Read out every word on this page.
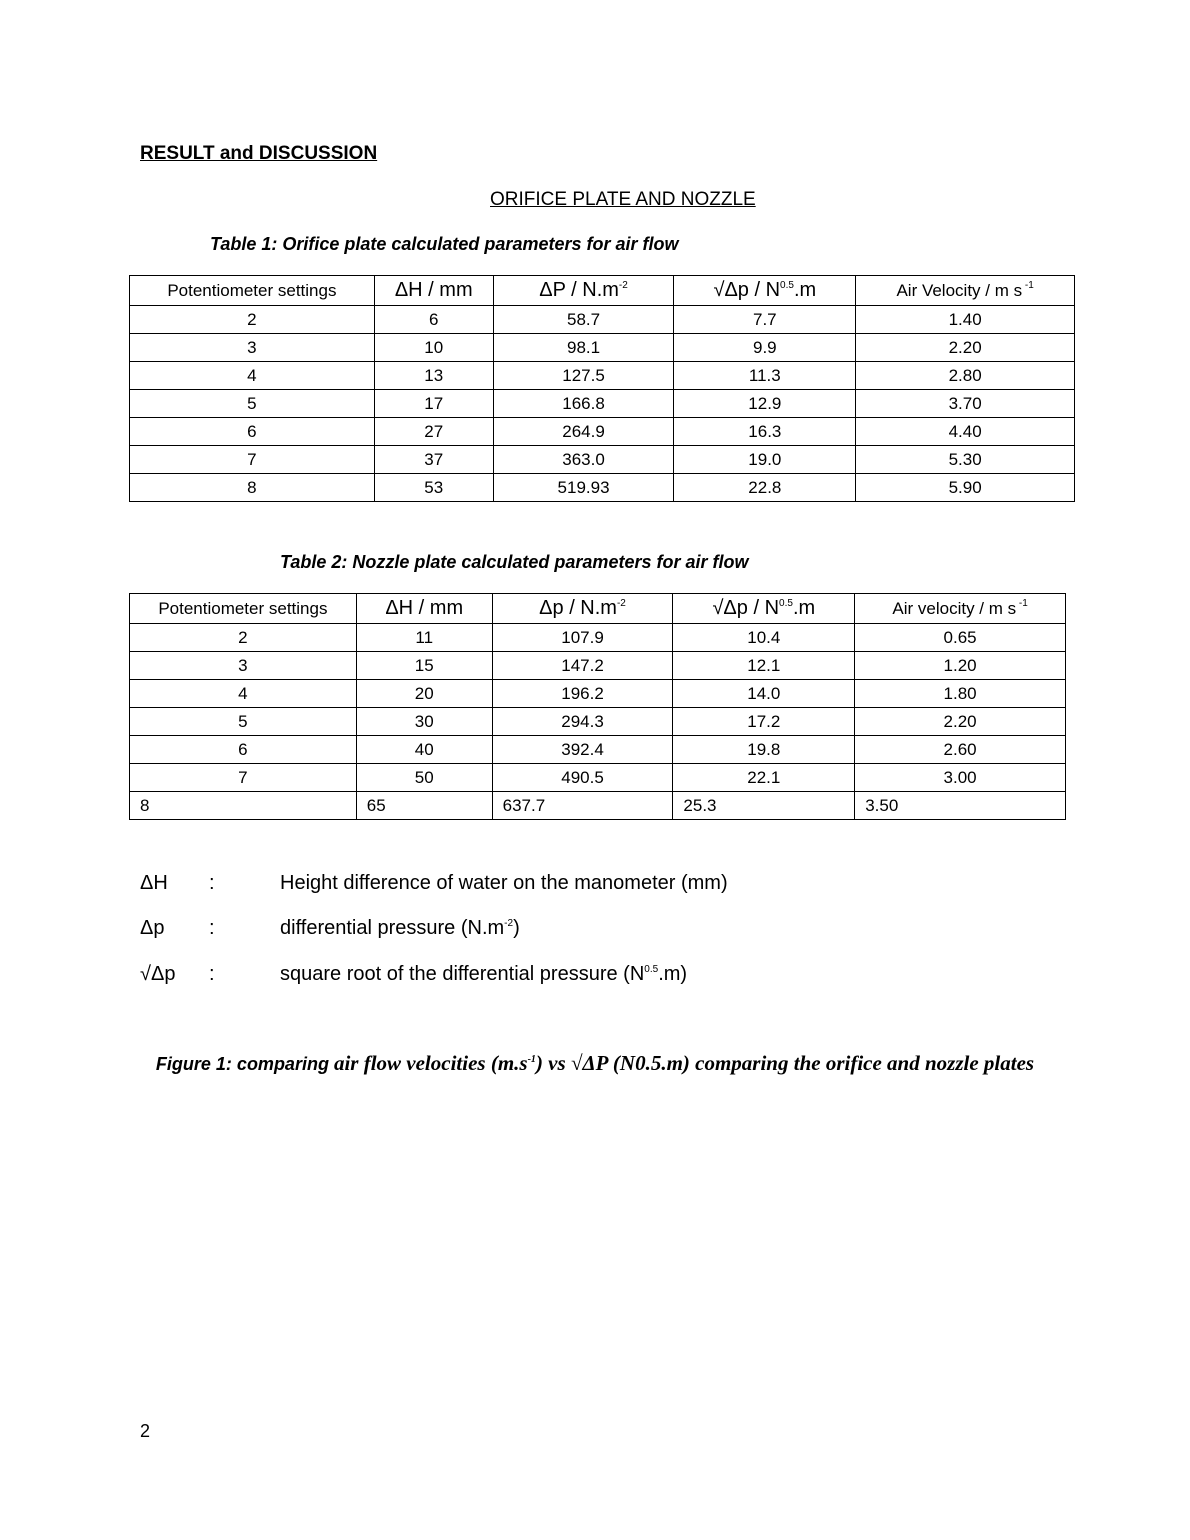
RESULT and DISCUSSION
ORIFICE PLATE AND NOZZLE
Table 1: Orifice plate calculated parameters for air flow
Potentiometer settings	ΔH / mm	ΔP / $N.m^{-2}$	$√\Delta p / N^{0.5}.m$	Air Velocity / m s $^{-1}$
2	6	58.7	7.7	1.40
3	10	98.1	9.9	2.20
4	13	127.5	11.3	2.80
5	17	166.8	12.9	3.70
6	27	264.9	16.3	4.40
7	37	363.0	19.0	5.30
8	53	519.93	22.8	5.90
Table 2: Nozzle plate calculated parameters for air flow
Potentiometer settings	ΔH / mm	Δp / $N.m^{-2}$	$√\Delta p / N^{0.5}.m$	Air velocity / m s $^{-1}$
2	11	107.9	10.4	0.65
3	15	147.2	12.1	1.20
4	20	196.2	14.0	1.80
5	30	294.3	17.2	2.20
6	40	392.4	19.8	2.60
7	50	490.5	22.1	3.00
8	65	637.7	25.3	3.50
ΔH :	Height difference of water on the manometer (mm)
Δp :	differential pressure $(N.m^{-2})$
√Δp :	square root of the differential pressure $(N^{0.5}.m)$
Figure 1: comparing air flow velocities $(m.s^{-1})$ vs √ΔP (N0.5.m) comparing the orifice and nozzle plates
2
